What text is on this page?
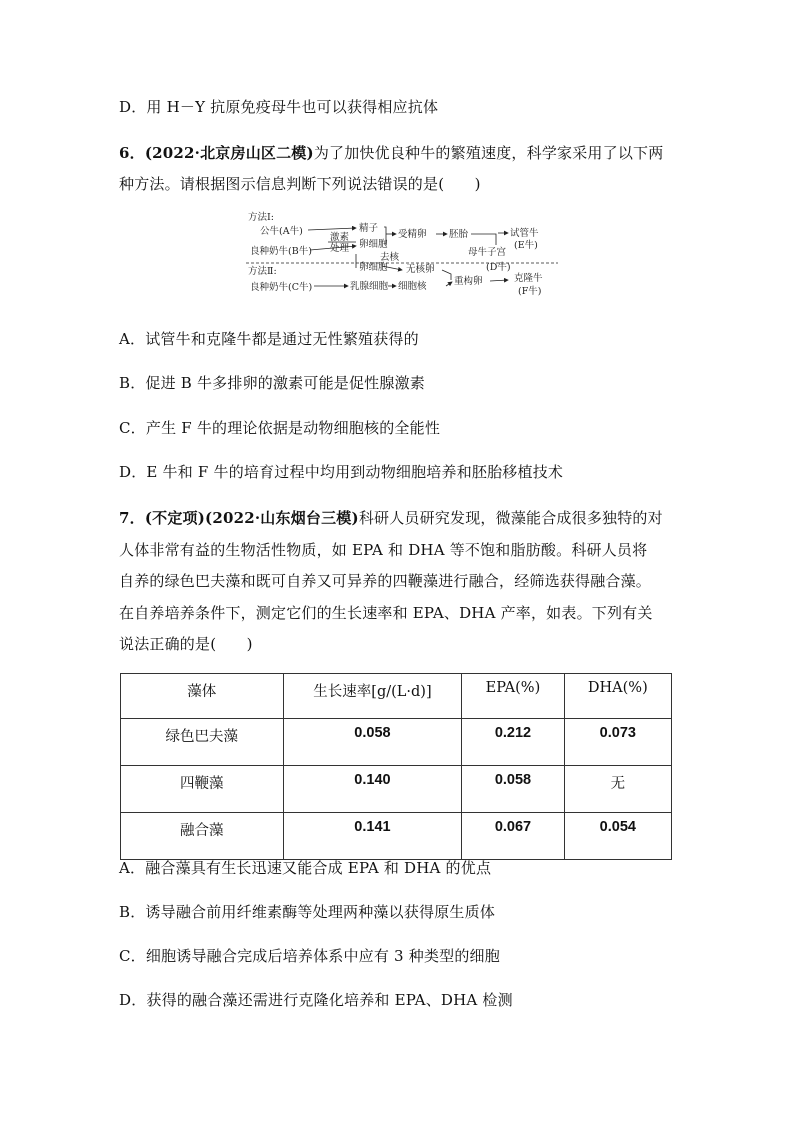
D．用 H－Y 抗原免疫母牛也可以获得相应抗体
6．(2022·北京房山区二模)为了加快优良种牛的繁殖速度，科学家采用了以下两
种方法。请根据图示信息判断下列说法错误的是(　　)
方法Ⅰ:
公牛(A牛)
良种奶牛(B牛)
激素
处理
精子
卵细胞
受精卵 胚胎	试管牛
(E牛)
母牛子宫
(D牛)
去核
方法Ⅱ:	卵细胞 无核卵
重构卵	克隆牛
(F牛)
良种奶牛(C牛)	乳腺细胞 细胞核
A．试管牛和克隆牛都是通过无性繁殖获得的
B．促进 B 牛多排卵的激素可能是促性腺激素
C．产生 F 牛的理论依据是动物细胞核的全能性
D．E 牛和 F 牛的培育过程中均用到动物细胞培养和胚胎移植技术
7．(不定项)(2022·山东烟台三模)科研人员研究发现，微藻能合成很多独特的对
人体非常有益的生物活性物质，如 EPA 和 DHA 等不饱和脂肪酸。科研人员将
自养的绿色巴夫藻和既可自养又可异养的四鞭藻进行融合，经筛选获得融合藻。
在自养培养条件下，测定它们的生长速率和 EPA、DHA 产率，如表。下列有关
说法正确的是(　　)
藻体	生长速率[g/(L·d)]	EPA(%)	DHA(%)
绿色巴夫藻	0.058	0.212	0.073
四鞭藻	0.140	0.058	无
融合藻	0.141	0.067	0.054
A．融合藻具有生长迅速又能合成 EPA 和 DHA 的优点
B．诱导融合前用纤维素酶等处理两种藻以获得原生质体
C．细胞诱导融合完成后培养体系中应有 3 种类型的细胞
D．获得的融合藻还需进行克隆化培养和 EPA、DHA 检测
